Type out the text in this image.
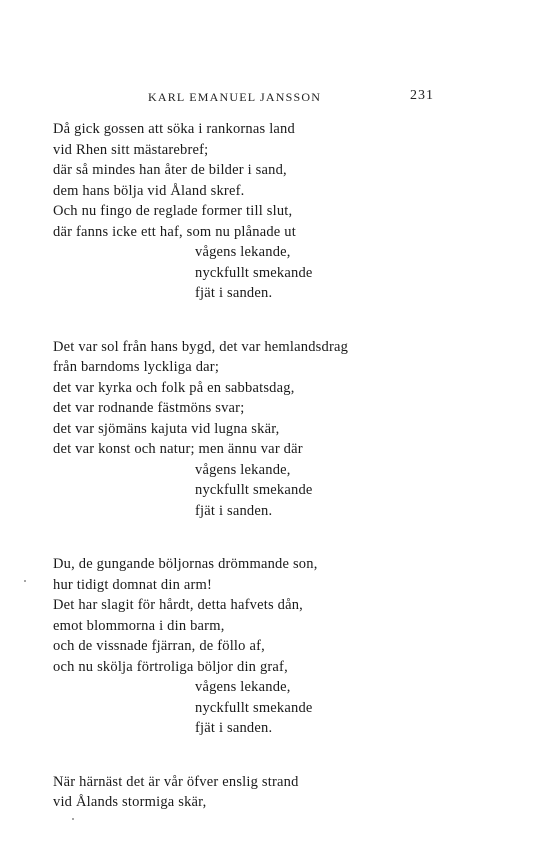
KARL EMANUEL JANSSON	231
Då gick gossen att söka i rankornas land
vid Rhen sitt mästarebref;
där så mindes han åter de bilder i sand,
dem hans bölja vid Åland skref.
Och nu fingo de reglade former till slut,
där fanns icke ett haf, som nu plånade ut
vågens lekande,
nyckfullt smekande
fjät i sanden.
Det var sol från hans bygd, det var hemlandsdrag
från barndoms lyckliga dar;
det var kyrka och folk på en sabbatsdag,
det var rodnande fästmöns svar;
det var sjömäns kajuta vid lugna skär,
det var konst och natur; men ännu var där
vågens lekande,
nyckfullt smekande
fjät i sanden.
Du, de gungande böljornas drömmande son,
hur tidigt domnat din arm!
Det har slagit för hårdt, detta hafvets dån,
emot blommorna i din barm,
och de vissnade fjärran, de föllo af,
och nu skölja förtroliga böljor din graf,
vågens lekande,
nyckfullt smekande
fjät i sanden.
När härnäst det är vår öfver enslig strand
vid Ålands stormiga skär,
